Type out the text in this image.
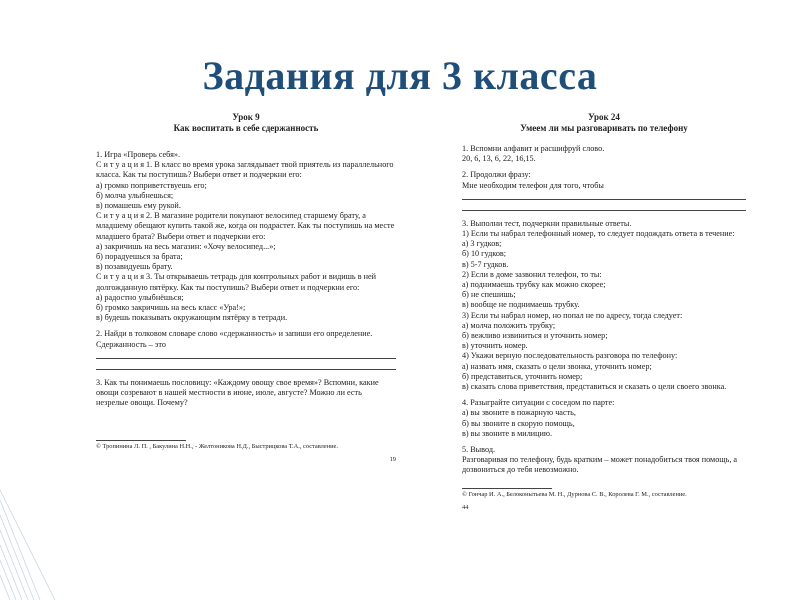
Задания для 3 класса
Урок 9
Как воспитать в себе сдержанность

1. Игра «Проверь себя».

С и т у а ц и я 1. В класс во время урока заглядывает твой приятель из параллельного класса. Как ты поступишь? Выбери ответ и подчеркни его:

а) громко поприветствуешь его;

б) молча улыбнешься;

в) помашешь ему рукой.

С и т у а ц и я 2. В магазине родители покупают велосипед старшему брату, а младшему обещают купить такой же, когда он подрастет. Как ты поступишь на месте младшего брата? Выбери ответ и подчеркни его:

а) закричишь на весь магазин: «Хочу велосипед...»;

б) порадуешься за брата;

в) позавидуешь брату.

С и т у а ц и я 3. Ты открываешь тетрадь для контрольных работ и видишь в ней долгожданную пятёрку. Как ты поступишь? Выбери ответ и подчеркни его:

а) радостно улыбнёшься;

б) громко закричишь на весь класс «Ура!»;

в) будешь показывать окружающим пятёрку в тетради.

2. Найди в толковом словаре слово «сдержанность» и запиши его определение.

Сдержанность – это

3. Как ты понимаешь пословицу: «Каждому овощу свое время»? Вспомни, какие овощи созревают в нашей местности в июне, июле, августе? Можно ли есть незрелые овощи. Почему?

© Тропинина Л. П. , Бакулина Н.Н., - Желтоникова Н.Д., Быстрицкова Т.А., составление.
19
Урок 24
Умеем ли мы разговаривать по телефону

1. Вспомни алфавит и расшифруй слово.

20, 6, 13, 6, 22, 16,15.

2. Продолжи фразу:

Мне необходим телефон для того, чтобы

3. Выполни тест, подчеркни правильные ответы.

1) Если ты набрал телефонный номер, то следует подождать ответа в течение:

а) 3 гудков;

б) 10 гудков;

в) 5-7 гудков.

2) Если в доме зазвонил телефон, то ты:

а) поднимаешь трубку как можно скорее;

б) не спешишь;

в) вообще не поднимаешь трубку.

3) Если ты набрал номер, но попал не по адресу, тогда следует:

а) молча положить трубку;

б) вежливо извиниться и уточнить номер;

в) уточнить номер.

4) Укажи верную последовательность разговора по телефону:

а) назвать имя, сказать о цели звонка, уточнить номер;

б) представиться, уточнить номер;

в) сказать слова приветствия, представиться и сказать о цели своего звонка.

4. Разыграйте ситуации с соседом по парте:

а) вы звоните в пожарную часть,

б) вы звоните в скорую помощь,

в) вы звоните в милицию.

5. Вывод.

Разговаривая по телефону, будь кратким – может понадобиться твоя помощь, а дозвониться до тебя невозможно.

© Гончар И. А., Белоконытьева М. Н., Дурнова С. В., Королева Г. М., составление.
44
